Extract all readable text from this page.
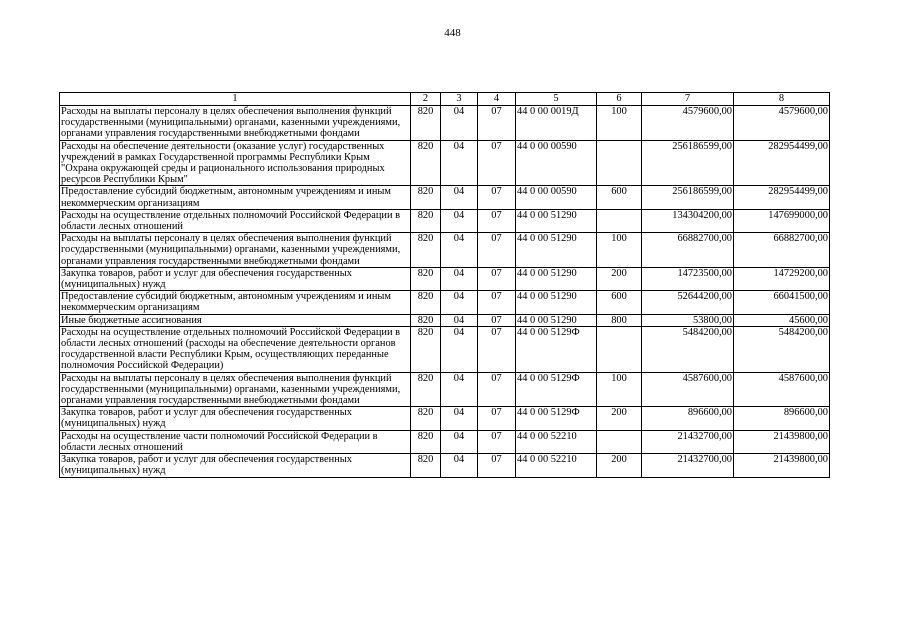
448
1	2	3	4	5	6	7	8
Расходы на выплаты персоналу в целях обеспечения выполнения функций государственными (муниципальными) органами, казенными учреждениями, органами управления государственными внебюджетными фондами	820	04	07	44 0 00 0019Д	100	4579600,00	4579600,00
Расходы на обеспечение деятельности (оказание услуг) государственных учреждений в рамках Государственной программы Республики Крым "Охрана окружающей среды и рационального использования природных ресурсов Республики Крым"	820	04	07	44 0 00 00590		256186599,00	282954499,00
Предоставление субсидий бюджетным, автономным учреждениям и иным некоммерческим организациям	820	04	07	44 0 00 00590	600	256186599,00	282954499,00
Расходы на осуществление отдельных полномочий Российской Федерации в области лесных отношений	820	04	07	44 0 00 51290		134304200,00	147699000,00
Расходы на выплаты персоналу в целях обеспечения выполнения функций государственными (муниципальными) органами, казенными учреждениями, органами управления государственными внебюджетными фондами	820	04	07	44 0 00 51290	100	66882700,00	66882700,00
Закупка товаров, работ и услуг для обеспечения государственных (муниципальных) нужд	820	04	07	44 0 00 51290	200	14723500,00	14729200,00
Предоставление субсидий бюджетным, автономным учреждениям и иным некоммерческим организациям	820	04	07	44 0 00 51290	600	52644200,00	66041500,00
Иные бюджетные ассигнования	820	04	07	44 0 00 51290	800	53800,00	45600,00
Расходы на осуществление отдельных полномочий Российской Федерации в области лесных отношений (расходы на обеспечение деятельности органов государственной власти Республики Крым, осуществляющих переданные полномочия Российской Федерации)	820	04	07	44 0 00 5129Ф		5484200,00	5484200,00
Расходы на выплаты персоналу в целях обеспечения выполнения функций государственными (муниципальными) органами, казенными учреждениями, органами управления государственными внебюджетными фондами	820	04	07	44 0 00 5129Ф	100	4587600,00	4587600,00
Закупка товаров, работ и услуг для обеспечения государственных (муниципальных) нужд	820	04	07	44 0 00 5129Ф	200	896600,00	896600,00
Расходы на осуществление части полномочий Российской Федерации в области лесных отношений	820	04	07	44 0 00 52210		21432700,00	21439800,00
Закупка товаров, работ и услуг для обеспечения государственных (муниципальных) нужд	820	04	07	44 0 00 52210	200	21432700,00	21439800,00
